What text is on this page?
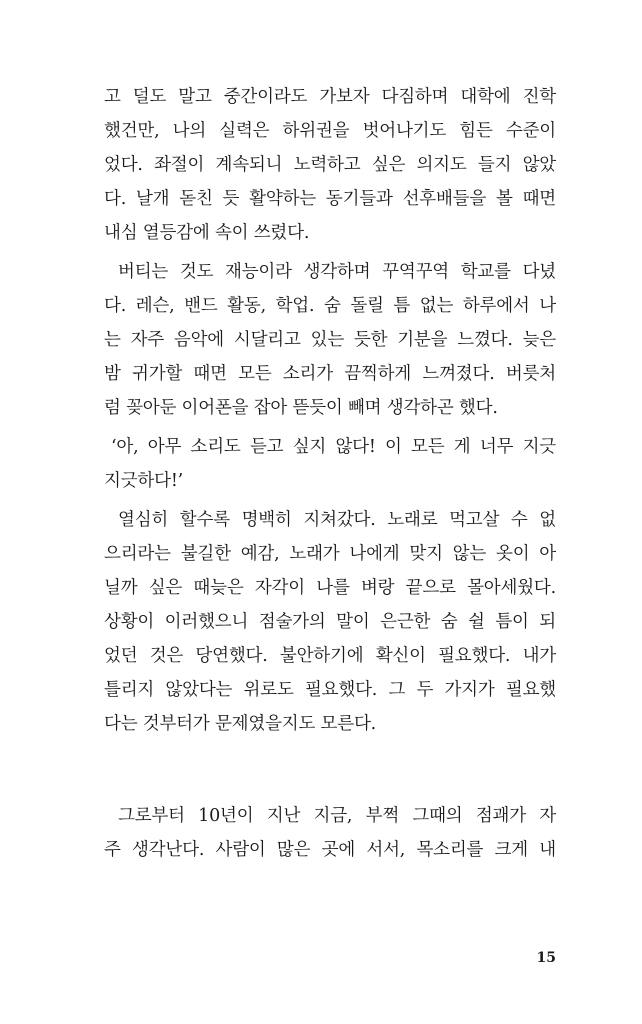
고 덜도 말고 중간이라도 가보자 다짐하며 대학에 진학
했건만, 나의 실력은 하위권을 벗어나기도 힘든 수준이
었다. 좌절이 계속되니 노력하고 싶은 의지도 들지 않았
다. 날개 돋친 듯 활약하는 동기들과 선후배들을 볼 때면
내심 열등감에 속이 쓰렸다.
버티는 것도 재능이라 생각하며 꾸역꾸역 학교를 다녔
다. 레슨, 밴드 활동, 학업. 숨 돌릴 틈 없는 하루에서 나
는 자주 음악에 시달리고 있는 듯한 기분을 느꼈다. 늦은
밤 귀가할 때면 모든 소리가 끔찍하게 느껴졌다. 버릇처
럼 꽂아둔 이어폰을 잡아 뜯듯이 빼며 생각하곤 했다.
‘아, 아무 소리도 듣고 싶지 않다! 이 모든 게 너무 지긋
지긋하다!’
열심히 할수록 명백히 지쳐갔다. 노래로 먹고살 수 없
으리라는 불길한 예감, 노래가 나에게 맞지 않는 옷이 아
닐까 싶은 때늦은 자각이 나를 벼랑 끝으로 몰아세웠다.
상황이 이러했으니 점술가의 말이 은근한 숨 쉴 틈이 되
었던 것은 당연했다. 불안하기에 확신이 필요했다. 내가
틀리지 않았다는 위로도 필요했다. 그 두 가지가 필요했
다는 것부터가 문제였을지도 모른다.
그로부터 10년이 지난 지금, 부쩍 그때의 점괘가 자
주 생각난다. 사람이 많은 곳에 서서, 목소리를 크게 내
15
